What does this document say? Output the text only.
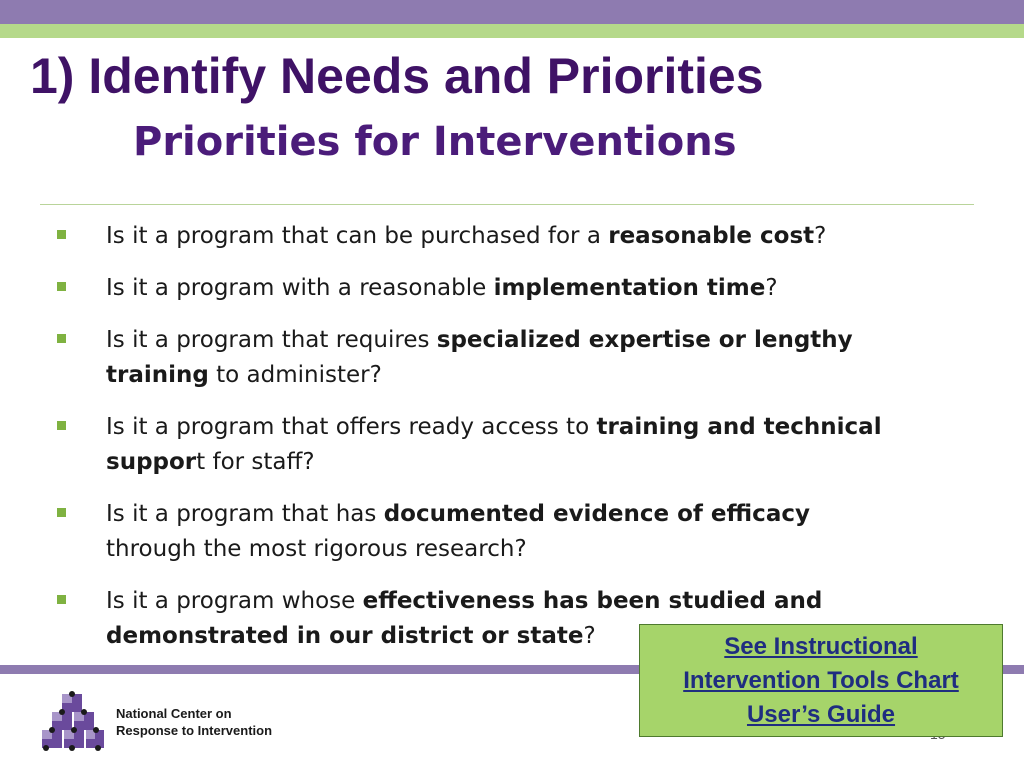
1) Identify Needs and Priorities
Priorities for Interventions
Is it a program that can be purchased for a reasonable cost?
Is it a program with a reasonable implementation time?
Is it a program that requires specialized expertise or lengthy
training to administer?
Is it a program that offers ready access to training and technical
support for staff?
Is it a program that has documented evidence of efficacy
through the most rigorous research?
Is it a program whose effectiveness has been studied and
demonstrated in our district or state?
National Center on
Response to Intervention
See Instructional
Intervention Tools Chart
User’s Guide
